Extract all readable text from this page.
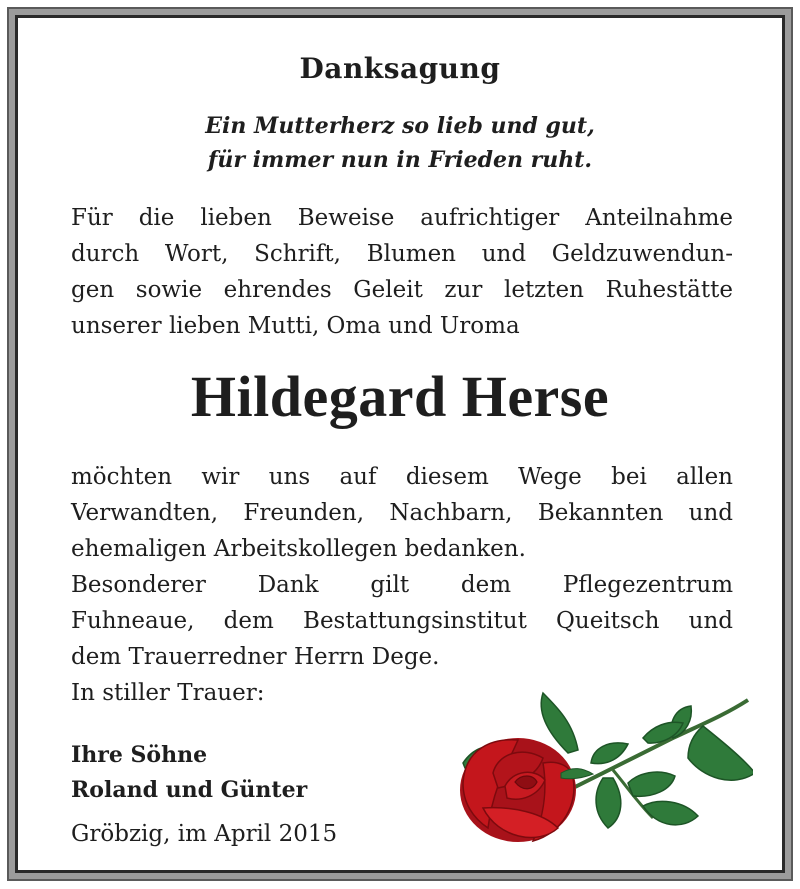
Danksagung
Ein Mutterherz so lieb und gut,
für immer nun in Frieden ruht.
Für die lieben Beweise aufrichtiger Anteilnahme
durch Wort, Schrift, Blumen und Geldzuwendun-
gen sowie ehrendes Geleit zur letzten Ruhestätte
unserer lieben Mutti, Oma und Uroma
Hildegard Herse
möchten wir uns auf diesem Wege bei allen
Verwandten, Freunden, Nachbarn, Bekannten und
ehemaligen Arbeitskollegen bedanken.
Besonderer Dank gilt dem Pflegezentrum
Fuhneaue, dem Bestattungsinstitut Queitsch und
dem Trauerredner Herrn Dege.
In stiller Trauer:
Ihre Söhne
Roland und Günter
Gröbzig, im April 2015
